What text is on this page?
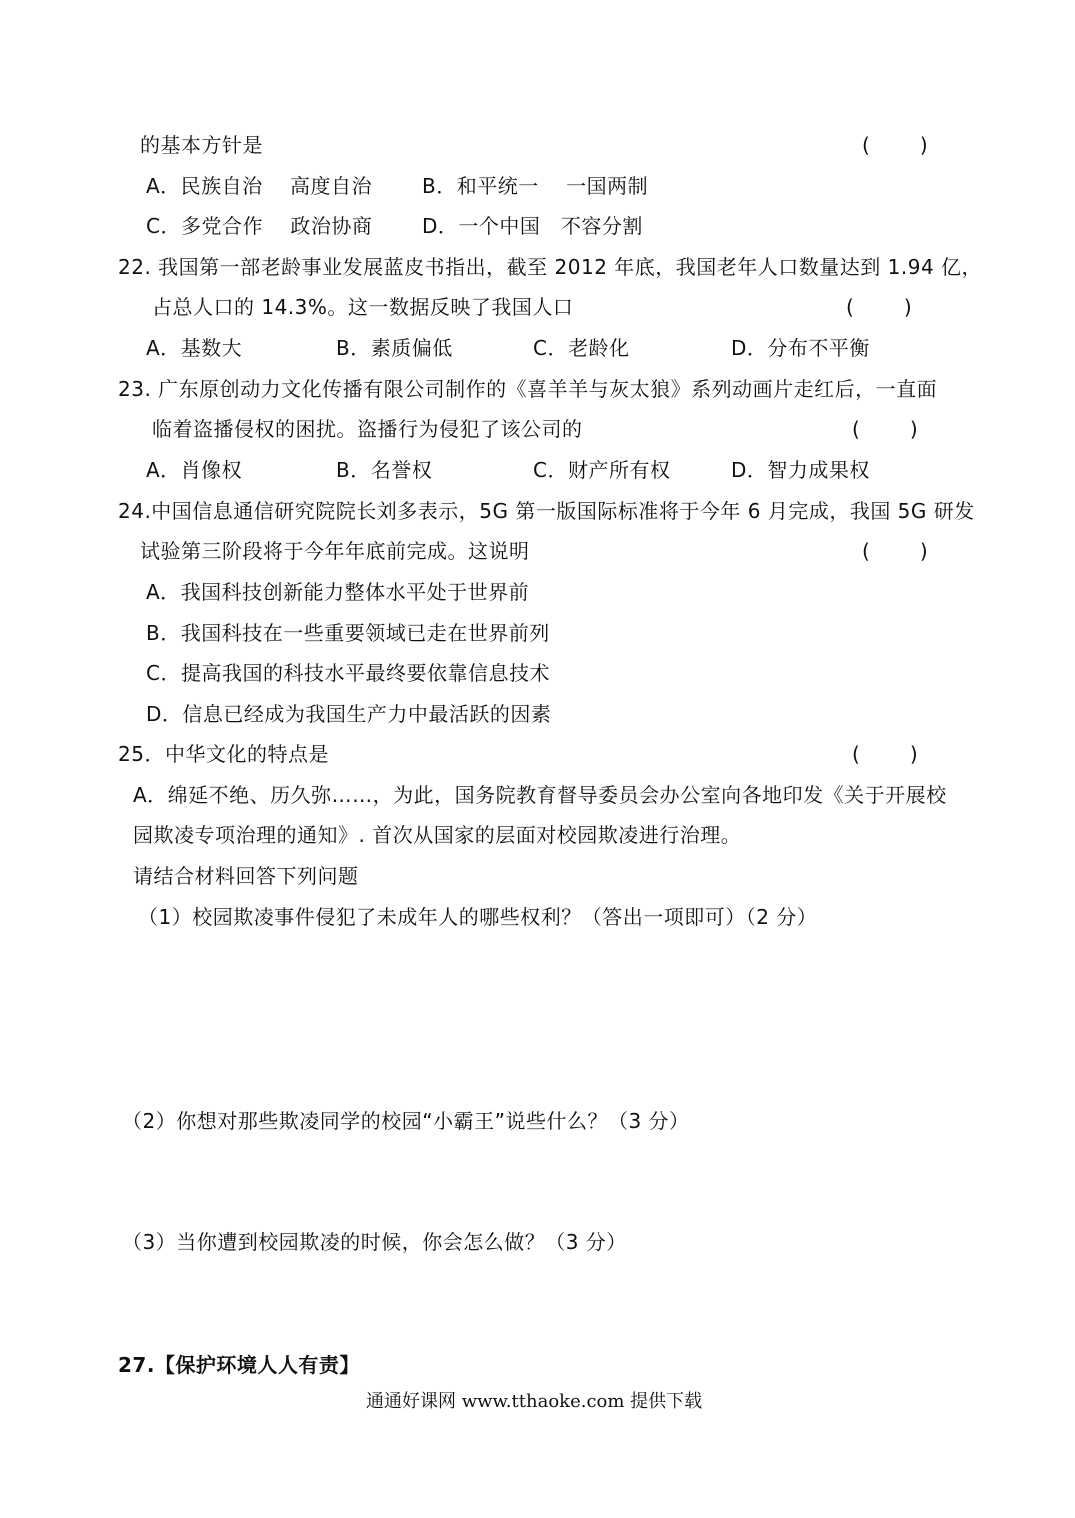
的基本方针是	(	)
A．民族自治　 高度自治 B．和平统一　 一国两制
C．多党合作　 政治协商 D．一个中国　不容分割
22. 我国第一部老龄事业发展蓝皮书指出，截至 2012 年底，我国老年人口数量达到 1.94 亿，
占总人口的 14.3%。这一数据反映了我国人口	(	)
A．基数大	B．素质偏低	C．老龄化	D．分布不平衡
23. 广东原创动力文化传播有限公司制作的《喜羊羊与灰太狼》系列动画片走红后，一直面
临着盗播侵权的困扰。盗播行为侵犯了该公司的	(	)
A．肖像权	B．名誉权	C．财产所有权	D．智力成果权
24.中国信息通信研究院院长刘多表示，5G 第一版国际标准将于今年 6 月完成，我国 5G 研发
试验第三阶段将于今年年底前完成。这说明	(	)
A．我国科技创新能力整体水平处于世界前
B．我国科技在一些重要领域已走在世界前列
C．提高我国的科技水平最终要依靠信息技术
D．信息已经成为我国生产力中最活跃的因素
25．中华文化的特点是	(	)
A．绵延不绝、历久弥……，为此，国务院教育督导委员会办公室向各地印发《关于开展校
园欺凌专项治理的通知》. 首次从国家的层面对校园欺凌进行治理。
请结合材料回答下列问题
（1）校园欺凌事件侵犯了未成年人的哪些权利？（答出一项即可）（2 分）
（2）你想对那些欺凌同学的校园“小霸王”说些什么？（3 分）
（3）当你遭到校园欺凌的时候，你会怎么做？（3 分）
27.【保护环境人人有责】
通通好课网 www.tthaoke.com 提供下载
